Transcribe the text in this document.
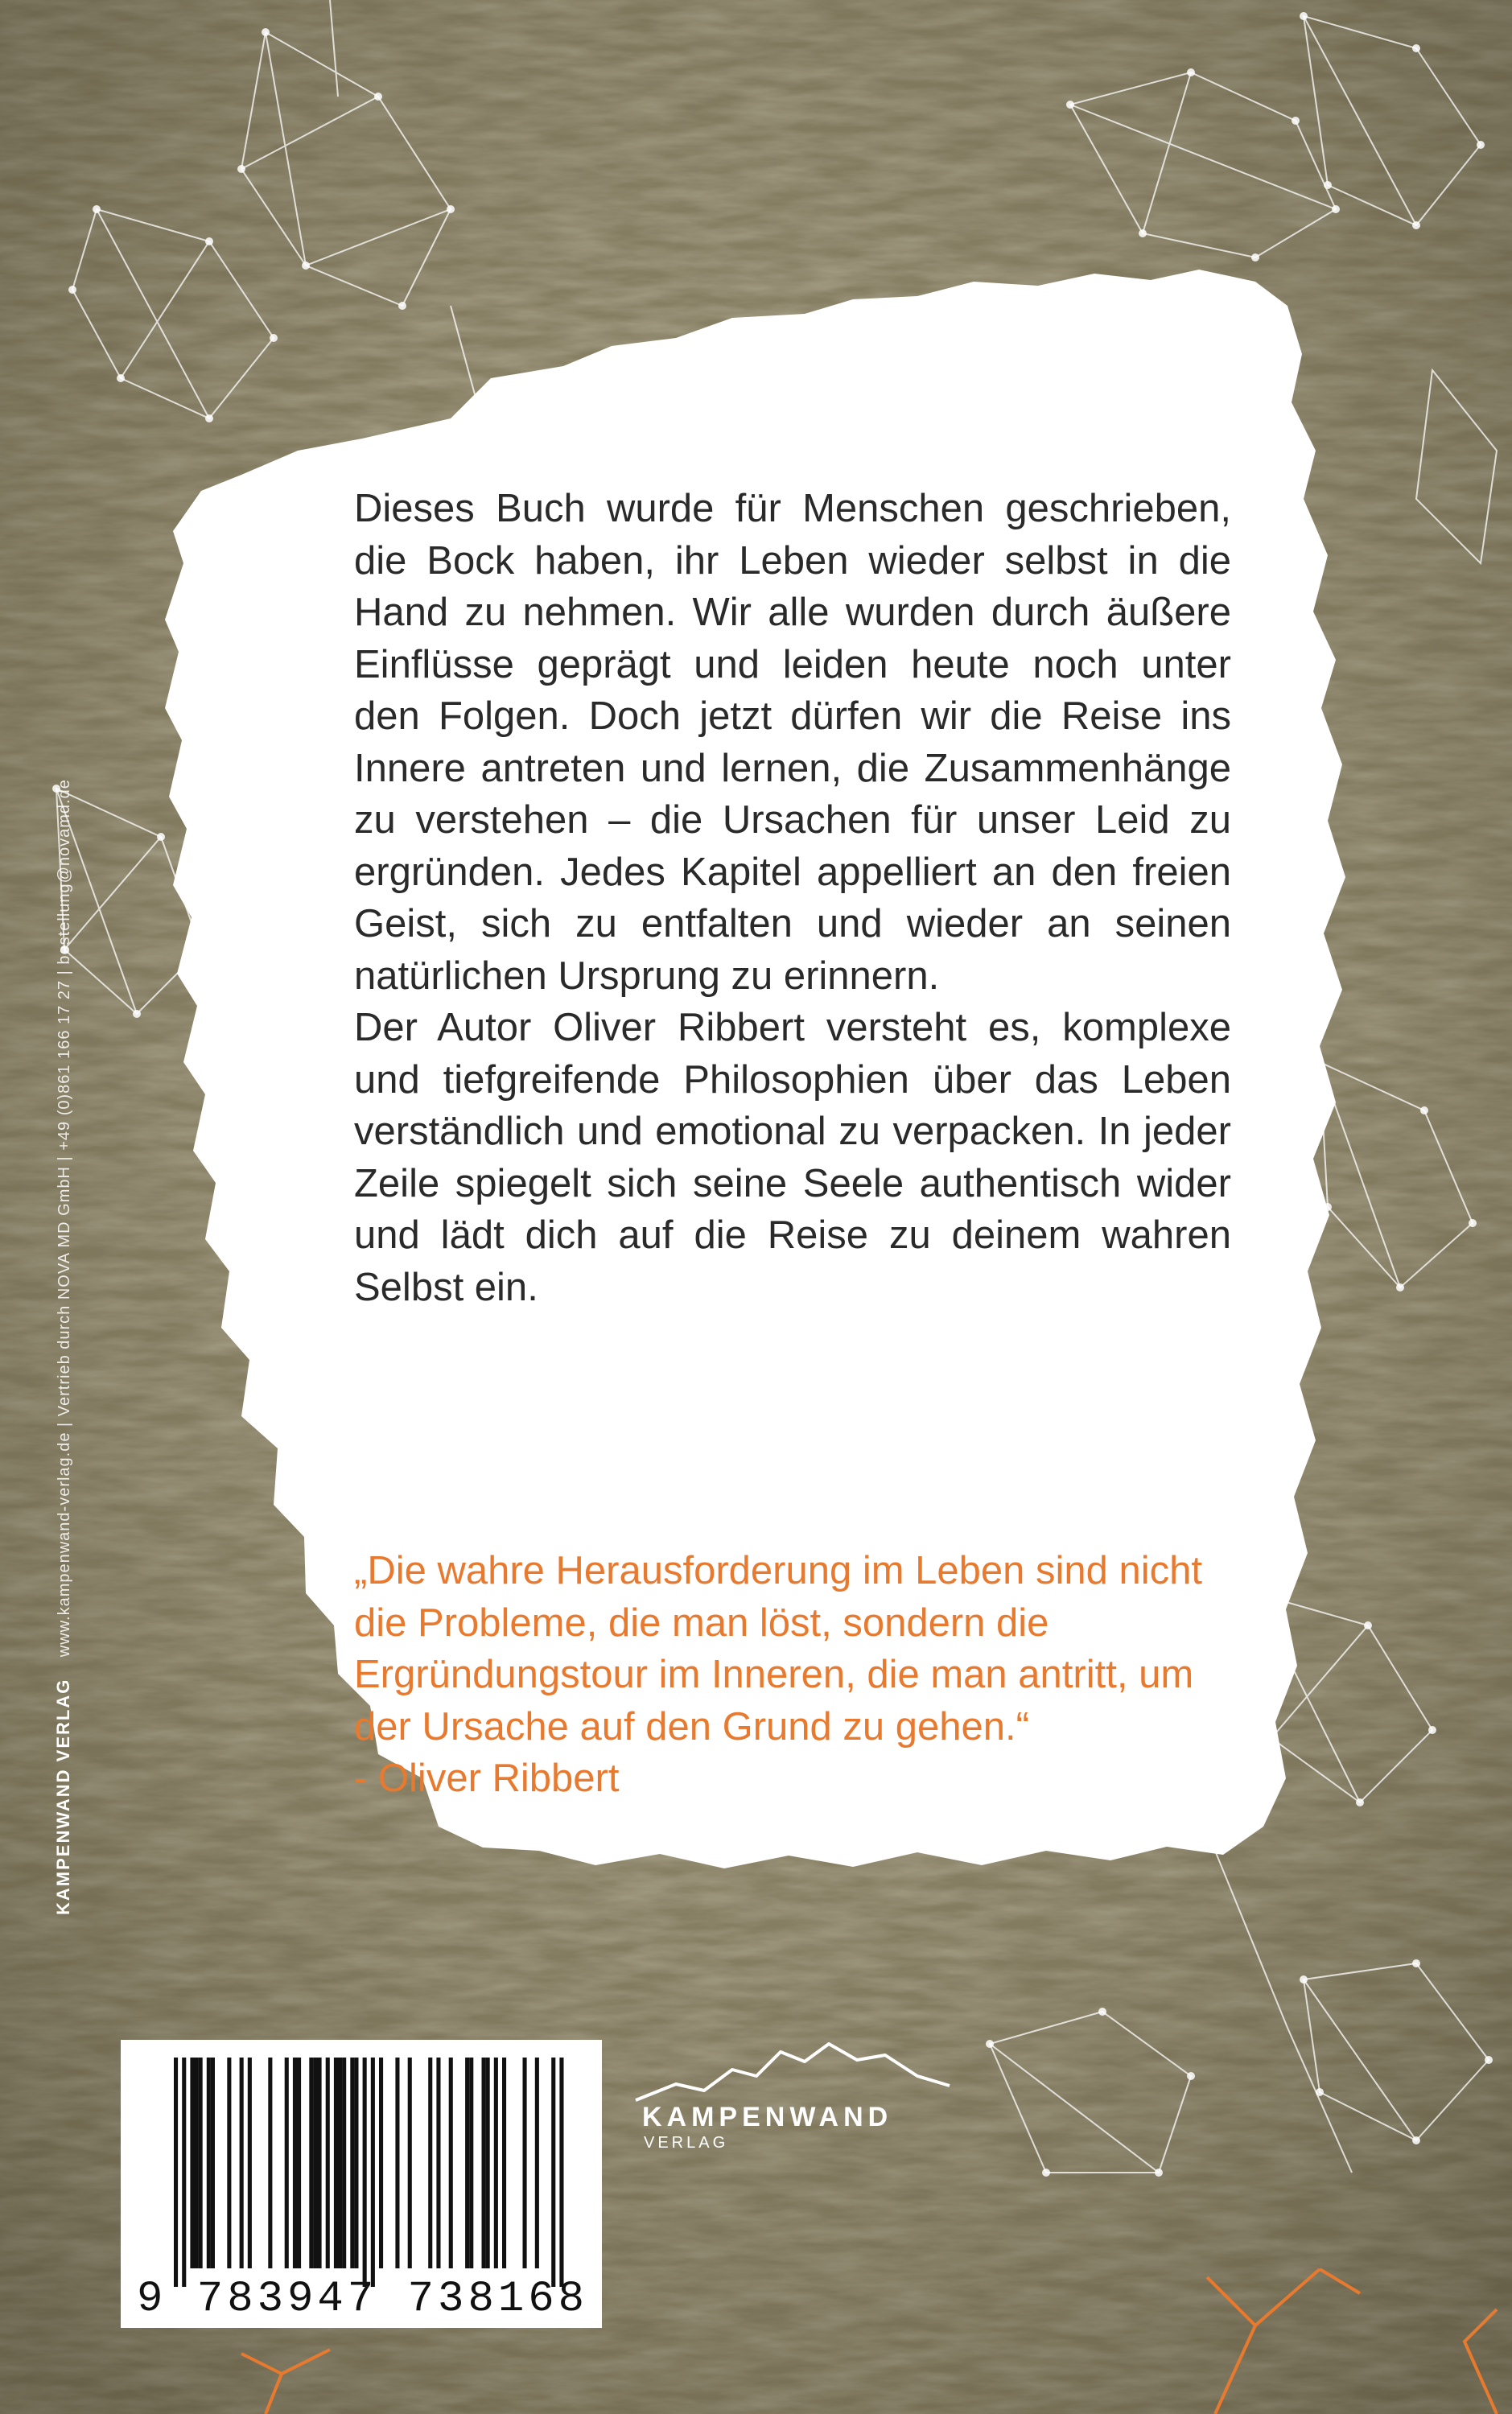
Dieses Buch wurde für Menschen geschrieben, die Bock haben, ihr Leben wieder selbst in die Hand zu nehmen. Wir alle wurden durch äußere Einflüsse geprägt und leiden heute noch unter den Folgen. Doch jetzt dürfen wir die Reise ins Innere antreten und lernen, die Zusammenhänge zu verstehen – die Ursachen für unser Leid zu ergründen. Jedes Kapitel appelliert an den freien Geist, sich zu entfalten und wieder an seinen natürlichen Ursprung zu erinnern.

Der Autor Oliver Ribbert versteht es, komplexe und tiefgreifende Philosophien über das Leben verständlich und emotional zu verpacken. In jeder Zeile spiegelt sich seine Seele authentisch wider und lädt dich auf die Reise zu deinem wahren Selbst ein.

„Die wahre Herausforderung im Leben sind nicht die Probleme, die man löst, sondern die Ergründungstour im Inneren, die man antritt, um der Ursache auf den Grund zu gehen.“

- Oliver Ribbert

KAMPENWAND VERLAG www.kampenwand-verlag.de | Vertrieb durch NOVA MD GmbH | +49 (0)861 166 17 27 | bestellung@novamd.de
9 783947 738168
KAMPENWAND
VERLAG
